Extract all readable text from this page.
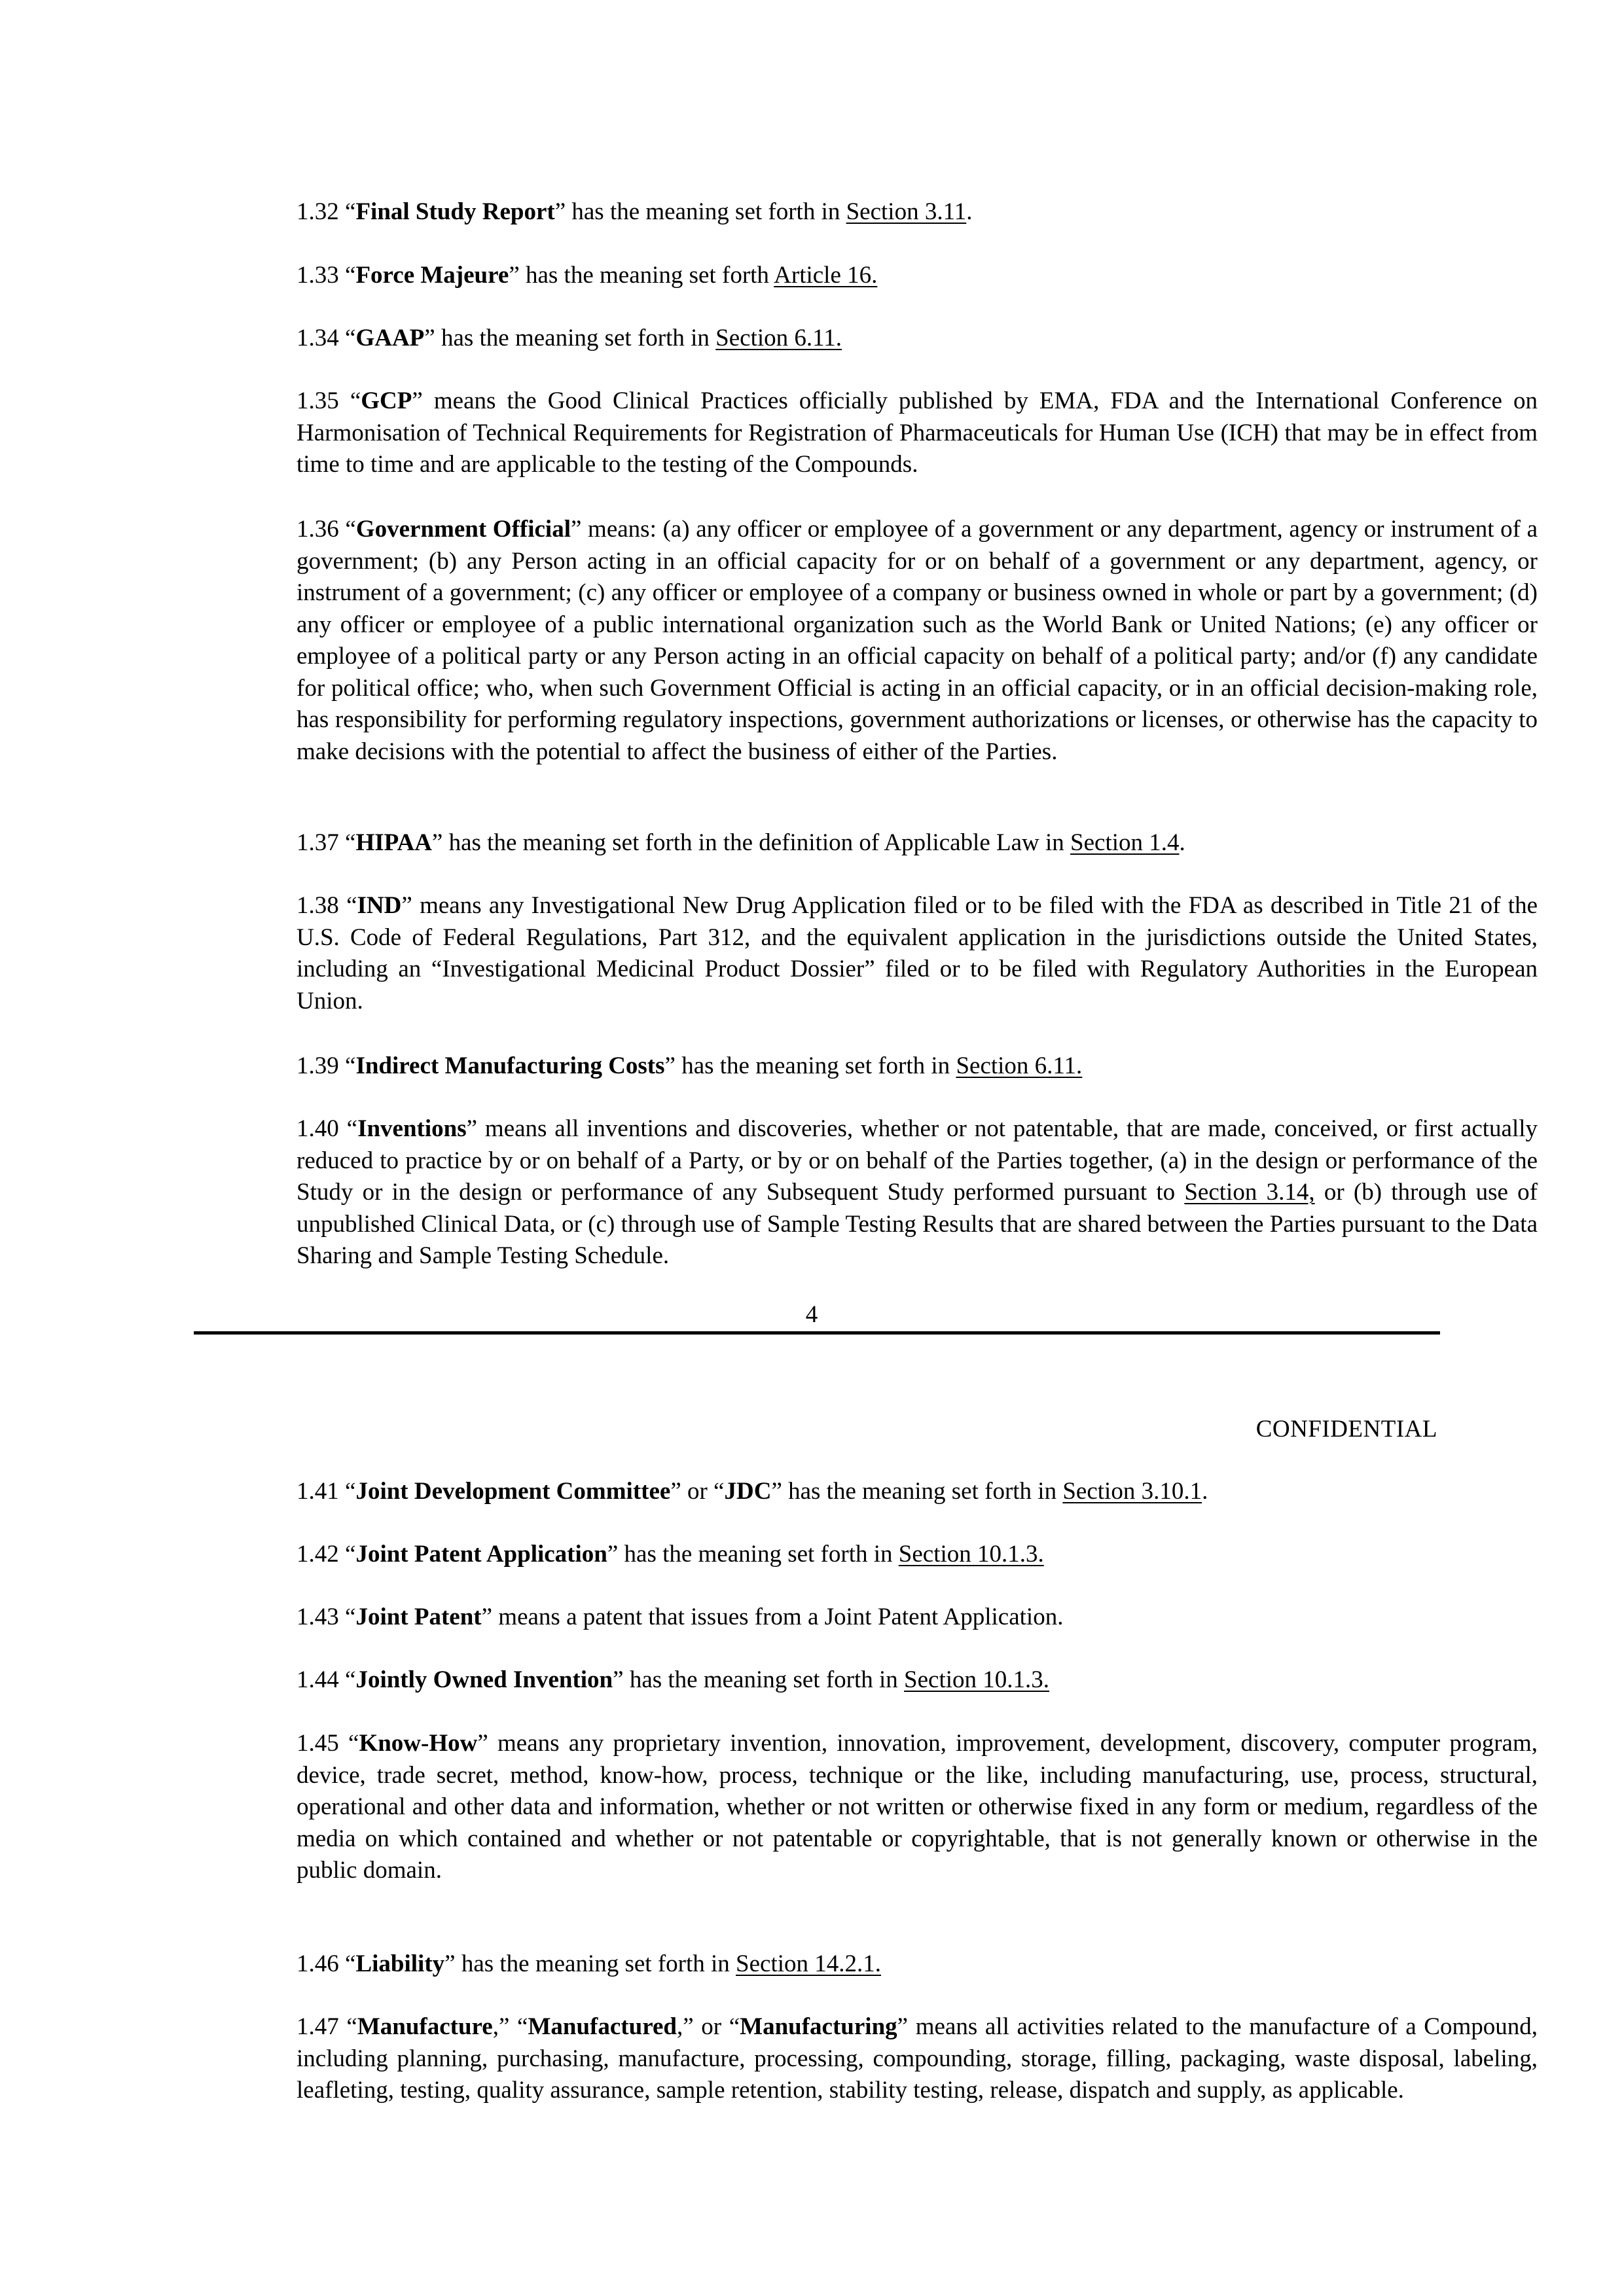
4
CONFIDENTIAL

1.32 “Final Study Report” has the meaning set forth in Section 3.11.

1.33 “Force Majeure” has the meaning set forth Article 16.

1.34 “GAAP” has the meaning set forth in Section 6.11.

1.35 “GCP” means the Good Clinical Practices officially published by EMA, FDA and the International Conference on Harmonisation of Technical Requirements for Registration of Pharmaceuticals for Human Use (ICH) that may be in effect from time to time and are applicable to the testing of the Compounds.

1.36 “Government Official” means: (a) any officer or employee of a government or any department, agency or instrument of a government; (b) any Person acting in an official capacity for or on behalf of a government or any department, agency, or instrument of a government; (c) any officer or employee of a company or business owned in whole or part by a government; (d) any officer or employee of a public international organization such as the World Bank or United Nations; (e) any officer or employee of a political party or any Person acting in an official capacity on behalf of a political party; and/or (f) any candidate for political office; who, when such Government Official is acting in an official capacity, or in an official decision-making role, has responsibility for performing regulatory inspections, government authorizations or licenses, or otherwise has the capacity to make decisions with the potential to affect the business of either of the Parties.

1.37 “HIPAA” has the meaning set forth in the definition of Applicable Law in Section 1.4.

1.38 “IND” means any Investigational New Drug Application filed or to be filed with the FDA as described in Title 21 of the U.S. Code of Federal Regulations, Part 312, and the equivalent application in the jurisdictions outside the United States, including an “Investigational Medicinal Product Dossier” filed or to be filed with Regulatory Authorities in the European Union.

1.39 “Indirect Manufacturing Costs” has the meaning set forth in Section 6.11.

1.40 “Inventions” means all inventions and discoveries, whether or not patentable, that are made, conceived, or first actually reduced to practice by or on behalf of a Party, or by or on behalf of the Parties together, (a) in the design or performance of the Study or in the design or performance of any Subsequent Study performed pursuant to Section 3.14, or (b) through use of unpublished Clinical Data, or (c) through use of Sample Testing Results that are shared between the Parties pursuant to the Data Sharing and Sample Testing Schedule.

1.41 “Joint Development Committee” or “JDC” has the meaning set forth in Section 3.10.1.

1.42 “Joint Patent Application” has the meaning set forth in Section 10.1.3.

1.43 “Joint Patent” means a patent that issues from a Joint Patent Application.

1.44 “Jointly Owned Invention” has the meaning set forth in Section 10.1.3.

1.45 “Know-How” means any proprietary invention, innovation, improvement, development, discovery, computer program, device, trade secret, method, know-how, process, technique or the like, including manufacturing, use, process, structural, operational and other data and information, whether or not written or otherwise fixed in any form or medium, regardless of the media on which contained and whether or not patentable or copyrightable, that is not generally known or otherwise in the public domain.

1.46 “Liability” has the meaning set forth in Section 14.2.1.

1.47 “Manufacture,” “Manufactured,” or “Manufacturing” means all activities related to the manufacture of a Compound, including planning, purchasing, manufacture, processing, compounding, storage, filling, packaging, waste disposal, labeling, leafleting, testing, quality assurance, sample retention, stability testing, release, dispatch and supply, as applicable.
